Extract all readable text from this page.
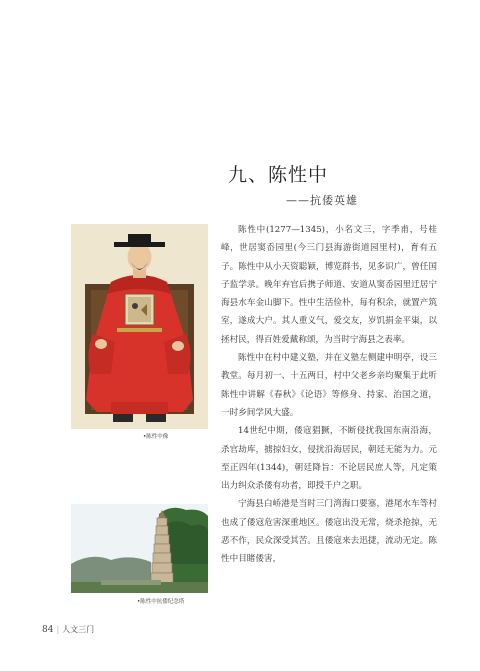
九、陈性中
——抗倭英雄
•陈性中像
•陈性中抗倭纪念塔

陈性中(1277—1345)，小名文三，字季甫，号桂峰，世居窦岙园里(今三门县海游街道园里村)，育有五子。陈性中从小天资聪颖，博览群书，见多识广，曾任国子监学录。晚年弃官后携子师道、安道从窦岙园里迁居宁海县水车金山脚下。性中生活俭朴，每有积余，就置产筑室，遂成大户。其人重义气，爱交友，岁饥捐金平粜，以拯村民，得百姓爱戴称颂，为当时宁海县之表率。

陈性中在村中建义塾，并在义塾左侧建申明亭，设三教堂。每月初一、十五两日，村中父老乡亲均聚集于此听陈性中讲解《春秋》《论语》等修身、持家、治国之道，一时乡间学风大盛。

14世纪中期，倭寇猖獗，不断侵扰我国东南沿海，杀官劫库，掳掠妇女，侵扰沿海居民，朝廷无能为力。元至正四年(1344)，朝廷降旨：不论居民庶人等，凡定策出力纠众杀倭有功者，即授千户之职。

宁海县白峤港是当时三门湾海口要塞，港尾水车等村也成了倭寇危害深重地区。倭寇出没无常，烧杀抢掠，无恶不作，民众深受其苦。且倭寇来去迅捷，流动无定。陈性中目睹倭害，

84 | 人文三门
